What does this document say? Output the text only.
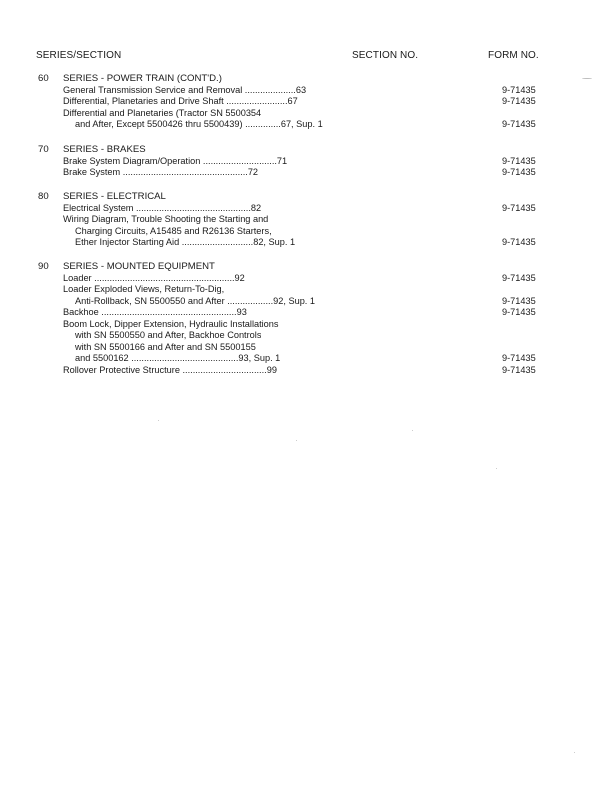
SERIES/SECTION	SECTION NO.	FORM NO.
60 SERIES - POWER TRAIN (CONT'D.)
General Transmission Service and Removal ....................63	9-71435
Differential, Planetaries and Drive Shaft ........................67	9-71435
Differential and Planetaries (Tractor SN 5500354
and After, Except 5500426 thru 5500439) ..............67, Sup. 1	9-71435
70 SERIES - BRAKES
Brake System Diagram/Operation .............................71	9-71435
Brake System .................................................72	9-71435
80 SERIES - ELECTRICAL
Electrical System .............................................82	9-71435
Wiring Diagram, Trouble Shooting the Starting and
Charging Circuits, A15485 and R26136 Starters,
Ether Injector Starting Aid ............................82, Sup. 1	9-71435
90 SERIES - MOUNTED EQUIPMENT
Loader .......................................................92	9-71435
Loader Exploded Views, Return-To-Dig,
Anti-Rollback, SN 5500550 and After ..................92, Sup. 1	9-71435
Backhoe .....................................................93	9-71435
Boom Lock, Dipper Extension, Hydraulic Installations
with SN 5500550 and After, Backhoe Controls
with SN 5500166 and After and SN 5500155
and 5500162 ..........................................93, Sup. 1	9-71435
Rollover Protective Structure .................................99	9-71435
